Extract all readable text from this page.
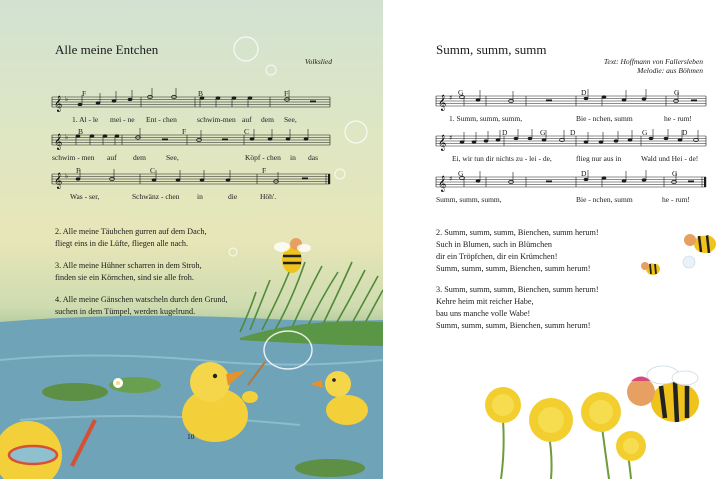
Alle meine Entchen
Volkslied
𝄞 ♭
F	B	F
1. Al - le mei - ne Ent - chen	schwim-men auf dem See,
𝄞 ♭
B	F	C
schwim - men auf dem	See,	Köpf - chen in das
𝄞 ♭
F	C	F
Was - ser,	Schwänz - chen in	die	Höh'.
2. Alle meine Täubchen gurren auf dem Dach,
fliegt eins in die Lüfte, fliegen alle nach.
3. Alle meine Hühner scharren in dem Stroh,
finden sie ein Körnchen, sind sie alle froh.
4. Alle meine Gänschen watscheln durch den Grund,
suchen in dem Tümpel, werden kugelrund.
10
Summ, summ, summ
Text: Hoffmann von Fallersleben
Melodie: aus Böhmen
𝄞 ♯
G	D	G
1. Summ, summ, summ,	Bie - nchen, summ	he - rum!
𝄞 ♯
D	G	D	G	D
Ei, wir tun dir nichts zu - lei - de,	flieg nur aus in	Wald und Hei - de!
𝄞 ♯
G	D	G
Summ, summ, summ,	Bie - nchen, summ	he - rum!
2. Summ, summ, summ, Bienchen, summ herum!
Such in Blumen, such in Blümchen
dir ein Tröpfchen, dir ein Krümchen!
Summ, summ, summ, Bienchen, summ herum!
3. Summ, summ, summ, Bienchen, summ herum!
Kehre heim mit reicher Habe,
bau uns manche volle Wabe!
Summ, summ, summ, Bienchen, summ herum!
